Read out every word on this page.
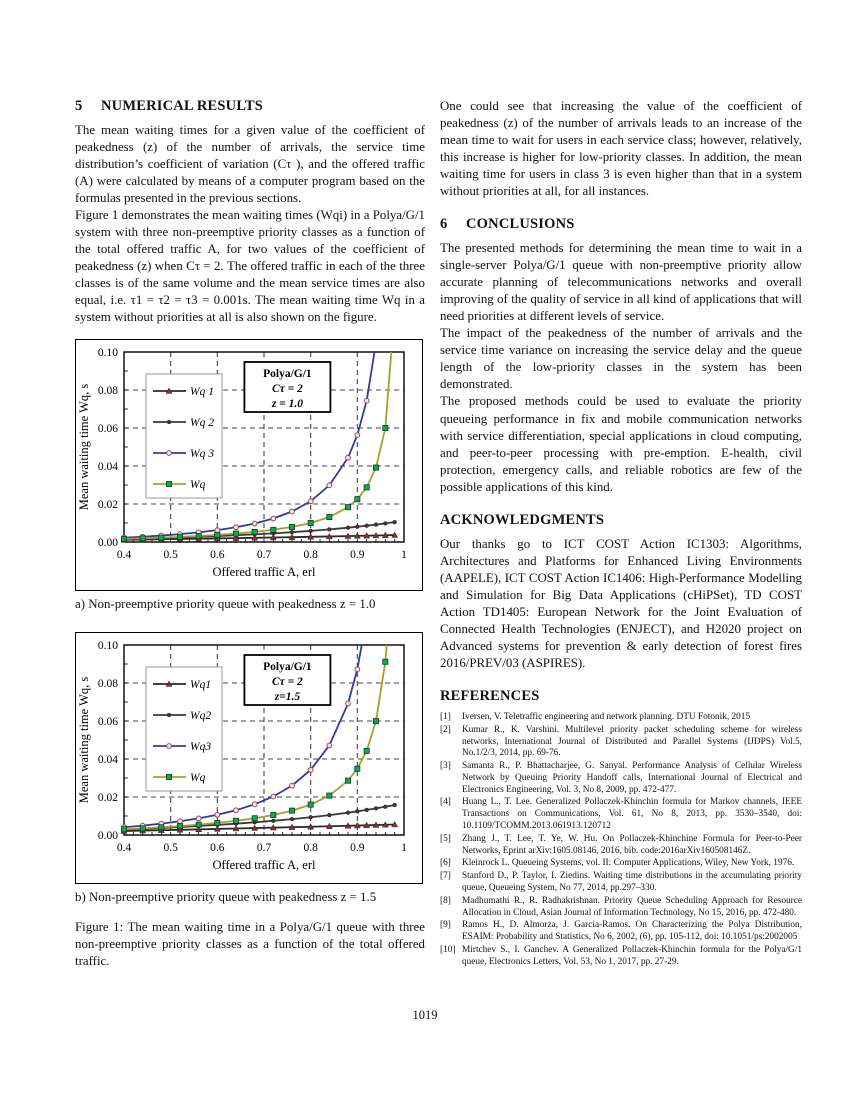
5 NUMERICAL RESULTS

The mean waiting times for a given value of the coefficient of peakedness (z) of the number of arrivals, the service time distribution’s coefficient of variation (Cτ ), and the offered traffic (A) were calculated by means of a computer program based on the formulas presented in the previous sections.

Figure 1 demonstrates the mean waiting times (Wqi) in a Polya/G/1 system with three non-preemptive priority classes as a function of the total offered traffic A, for two values of the coefficient of peakedness (z) when Cτ = 2. The offered traffic in each of the three classes is of the same volume and the mean service times are also equal, i.e. τ1 = τ2 = τ3 = 0.001s. The mean waiting time Wq in a system without priorities at all is also shown on the figure.

0.4	0.5	0.6	0.7	0.8	0.9	1
0.00
0.02
0.04
0.06
0.08
0.10
Offered traffic A, erl
Mean waiting time Wq, s	Wq 1
Wq 2
Wq 3
Wq
Polya/G/1
Cτ = 2
z = 1.0
a) Non-preemptive priority queue with peakedness z = 1.0
0.4	0.5	0.6	0.7	0.8	0.9	1
0.00
0.02
0.04
0.06
0.08
0.10
Offered traffic A, erl
Mean waiting time Wq, s	Wq1
Wq2
Wq3
Wq
Polya/G/1
Cτ = 2
z=1.5
b) Non-preemptive priority queue with peakedness z = 1.5
Figure 1: The mean waiting time in a Polya/G/1 queue with three non-preemptive priority classes as a function of the total offered traffic.

One could see that increasing the value of the coefficient of peakedness (z) of the number of arrivals leads to an increase of the mean time to wait for users in each service class; however, relatively, this increase is higher for low-priority classes. In addition, the mean waiting time for users in class 3 is even higher than that in a system without priorities at all, for all instances.

6 CONCLUSIONS

The presented methods for determining the mean time to wait in a single-server Polya/G/1 queue with non-preemptive priority allow accurate planning of telecommunications networks and overall improving of the quality of service in all kind of applications that will need priorities at different levels of service.

The impact of the peakedness of the number of arrivals and the service time variance on increasing the service delay and the queue length of the low-priority classes in the system has been demonstrated.

The proposed methods could be used to evaluate the priority queueing performance in fix and mobile communication networks with service differentiation, special applications in cloud computing, and peer-to-peer processing with pre-emption. E-health, civil protection, emergency calls, and reliable robotics are few of the possible applications of this kind.

ACKNOWLEDGMENTS

Our thanks go to ICT COST Action IC1303: Algorithms, Architectures and Platforms for Enhanced Living Environments (AAPELE), ICT COST Action IC1406: High-Performance Modelling and Simulation for Big Data Applications (cHiPSet), TD COST Action TD1405: European Network for the Joint Evaluation of Connected Health Technologies (ENJECT), and H2020 project on Advanced systems for prevention & early detection of forest fires 2016/PREV/03 (ASPIRES).

REFERENCES
[1]	Iversen, V. Teletraffic engineering and network planning. DTU Fotonik, 2015
[2]	Kumar R., K. Varshini. Multilevel priority packet scheduling scheme for wireless networks, International Journal of Distributed and Parallel Systems (IJDPS) Vol.5, No.1/2/3, 2014, pp. 69-76.
[3]	Samanta R., P. Bhattacharjee, G. Sanyal. Performance Analysis of Cellular Wireless Network by Queuing Priority Handoff calls, International Journal of Electrical and Electronics Engineering, Vol. 3, No 8, 2009, pp. 472-477.
[4]	Huang L., T. Lee. Generalized Pollaczek-Khinchin formula for Markov channels, IEEE Transactions on Communications, Vol. 61, No 8, 2013, pp. 3530–3540, doi: 10.1109/TCOMM.2013.061913.120712
[5]	Zhang J., T. Lee, T. Ye, W. Hu. On Pollaczek-Khinchine Formula for Peer-to-Peer Networks, Eprint arXiv:1605.08146, 2016, bib. code:2016arXiv160508146Z.
[6]	Kleinrock L. Queueing Systems, vol. II: Computer Applications, Wiley, New York, 1976.
[7]	Stanford D., P. Taylor, I. Ziedins. Waiting time distributions in the accumulating priority queue, Queueing System, No 77, 2014, pp.297–330.
[8]	Madhumathi R., R. Radhakrishnan. Priority Queue Scheduling Approach for Resource Allocation in Cloud, Asian Journal of Information Technology, No 15, 2016, pp. 472-480.
[9]	Ramos H., D. Almorza, J. Garcia-Ramos. On Characterizing the Polya Distribution, ESAIM: Probability and Statistics, No 6, 2002, (6), pp. 105-112, doi: 10.1051/ps:2002005
[10] Mirtchev S., I. Ganchev. A Generalized Pollaczek-Khinchin formula for the Polya/G/1 queue, Electronics Letters, Vol. 53, No 1, 2017, pp. 27-29.
1019
